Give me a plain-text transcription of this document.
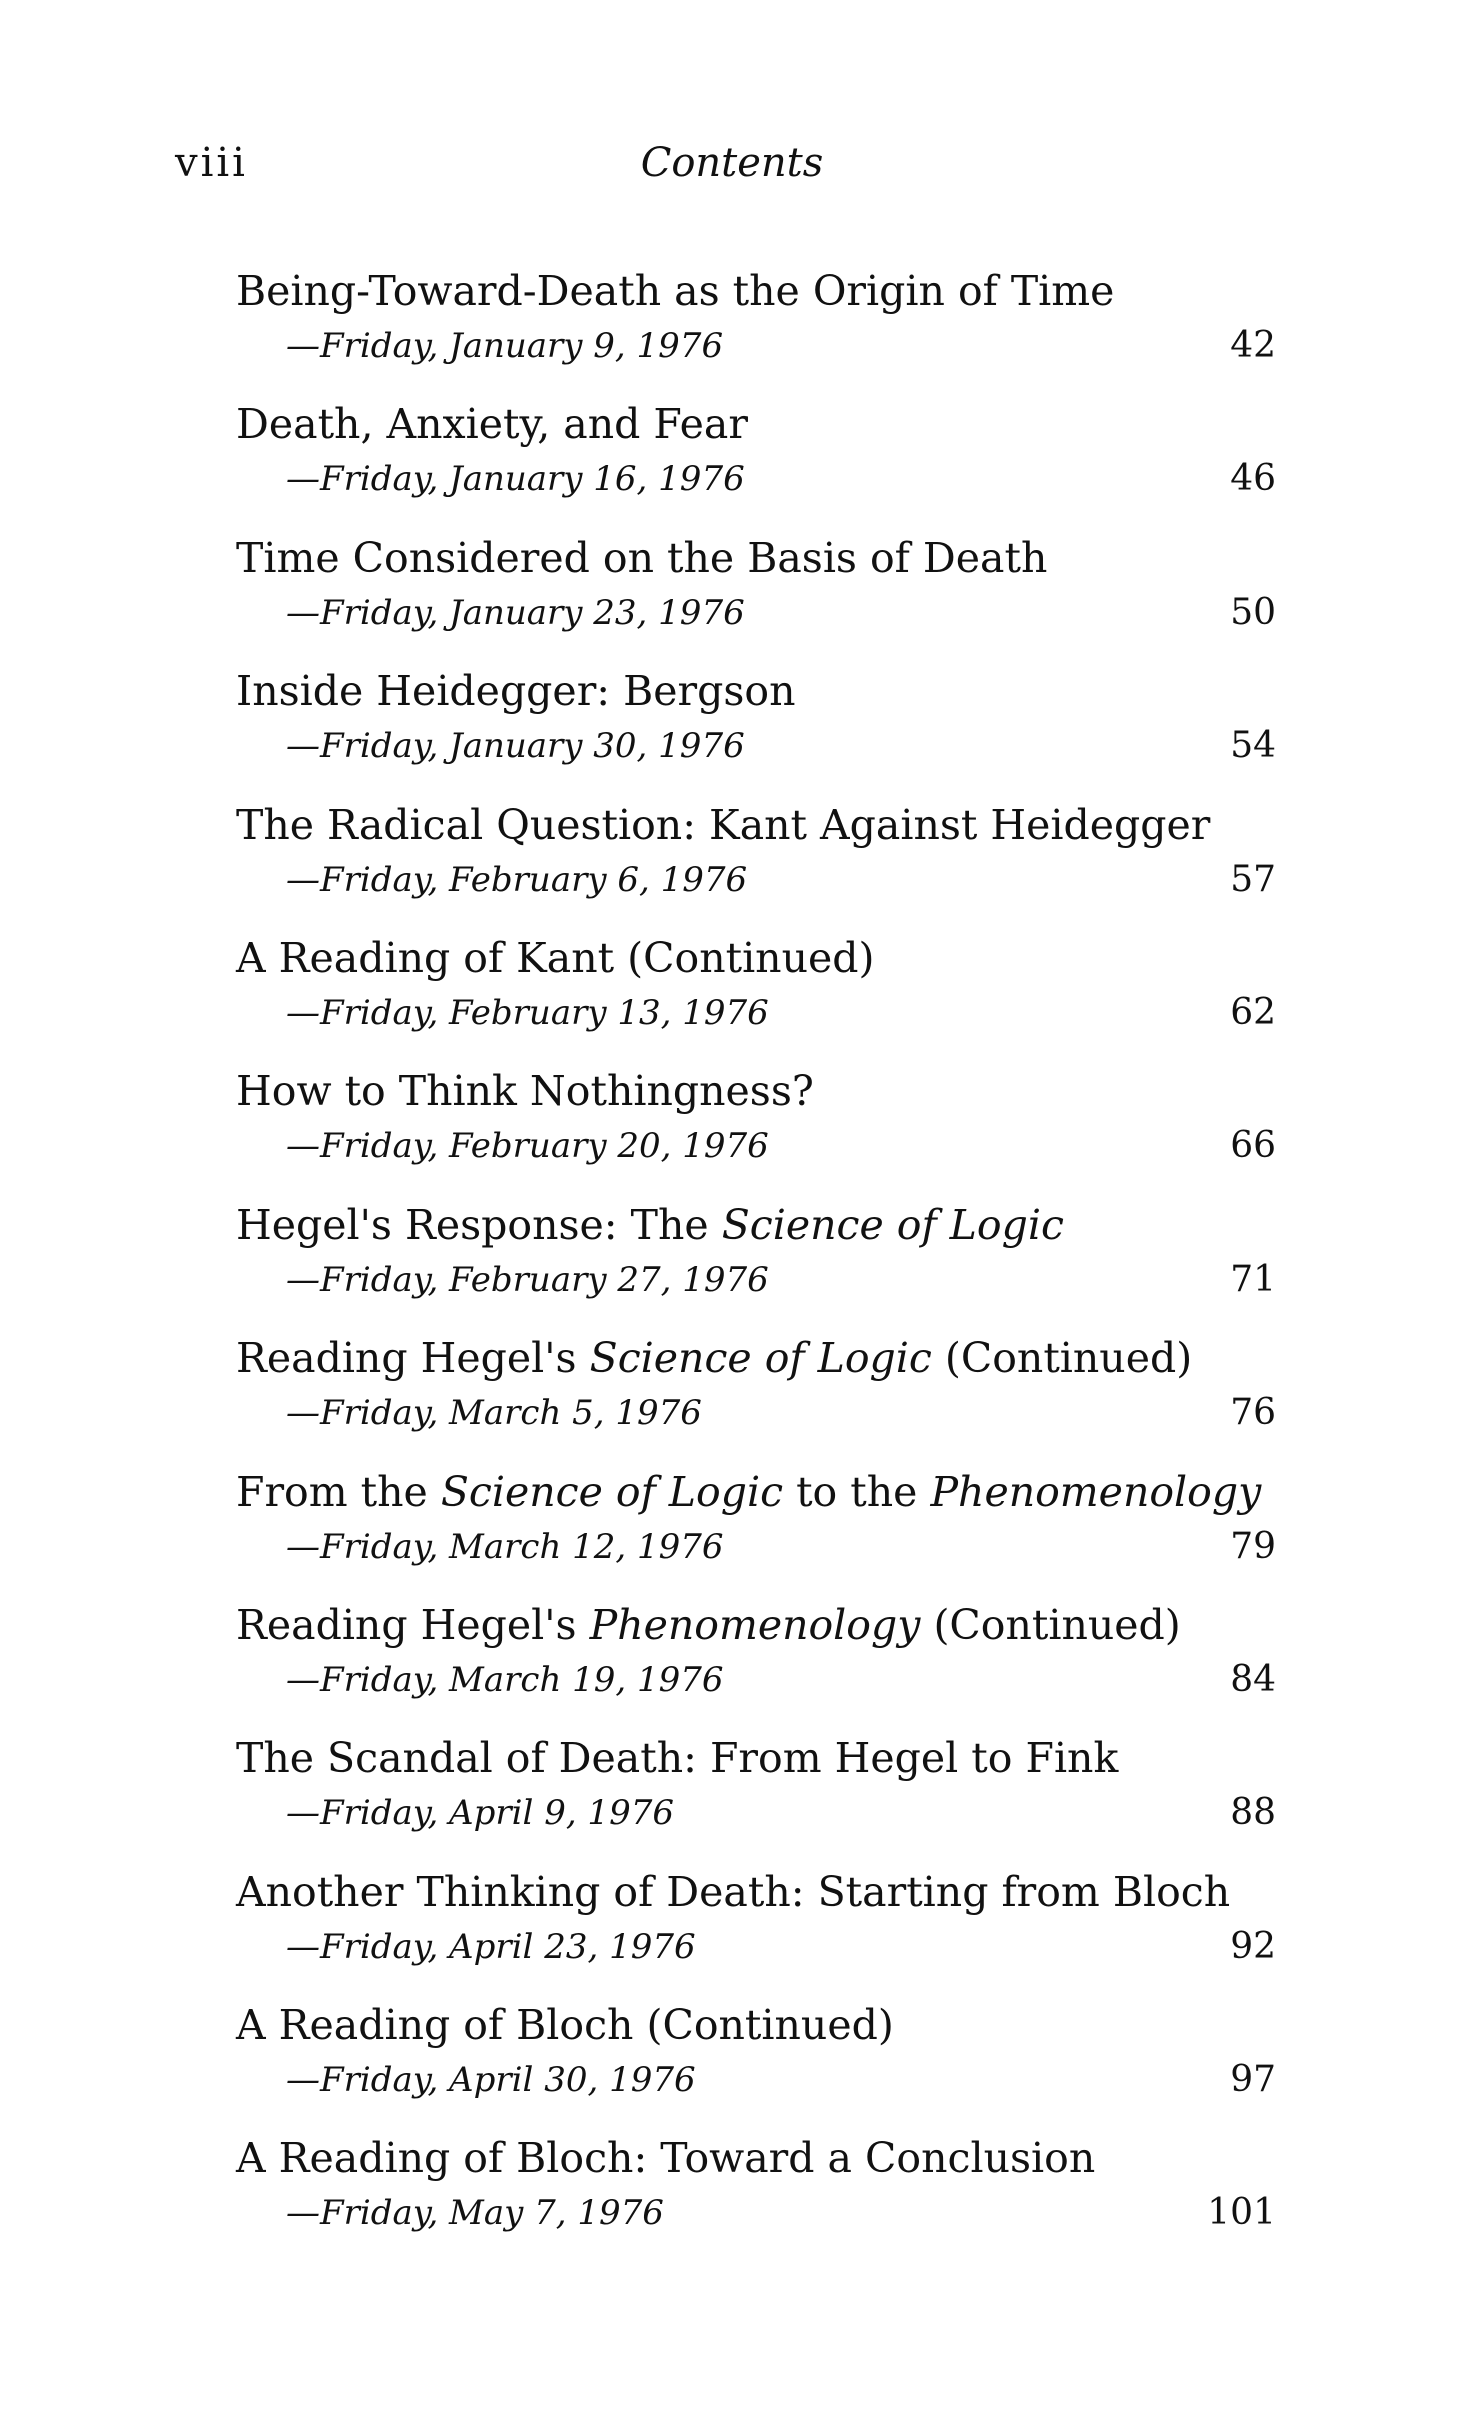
viii	Contents
Being-Toward-Death as the Origin of Time
—Friday, January 9, 1976	42
Death, Anxiety, and Fear
—Friday, January 16, 1976	46
Time Considered on the Basis of Death
—Friday, January 23, 1976	50
Inside Heidegger: Bergson
—Friday, January 30, 1976	54
The Radical Question: Kant Against Heidegger
—Friday, February 6, 1976	57
A Reading of Kant (Continued)
—Friday, February 13, 1976	62
How to Think Nothingness?
—Friday, February 20, 1976	66
Hegel's Response: The Science of Logic
—Friday, February 27, 1976	71
Reading Hegel's Science of Logic (Continued)
—Friday, March 5, 1976	76
From the Science of Logic to the Phenomenology
—Friday, March 12, 1976	79
Reading Hegel's Phenomenology (Continued)
—Friday, March 19, 1976	84
The Scandal of Death: From Hegel to Fink
—Friday, April 9, 1976	88
Another Thinking of Death: Starting from Bloch
—Friday, April 23, 1976	92
A Reading of Bloch (Continued)
—Friday, April 30, 1976	97
A Reading of Bloch: Toward a Conclusion
—Friday, May 7, 1976	101
